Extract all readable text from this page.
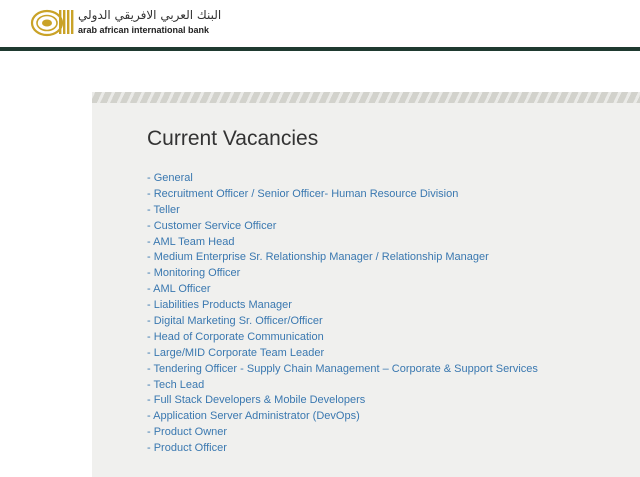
البنك العربي الافريقي الدولي
arab african international bank
Current Vacancies
- General
- Recruitment Officer / Senior Officer- Human Resource Division
- Teller
- Customer Service Officer
- AML Team Head
- Medium Enterprise Sr. Relationship Manager / Relationship Manager
- Monitoring Officer
- AML Officer
- Liabilities Products Manager
- Digital Marketing Sr. Officer/Officer
- Head of Corporate Communication
- Large/MID Corporate Team Leader
- Tendering Officer - Supply Chain Management – Corporate & Support Services
- Tech Lead
- Full Stack Developers & Mobile Developers
- Application Server Administrator (DevOps)
- Product Owner
- Product Officer
